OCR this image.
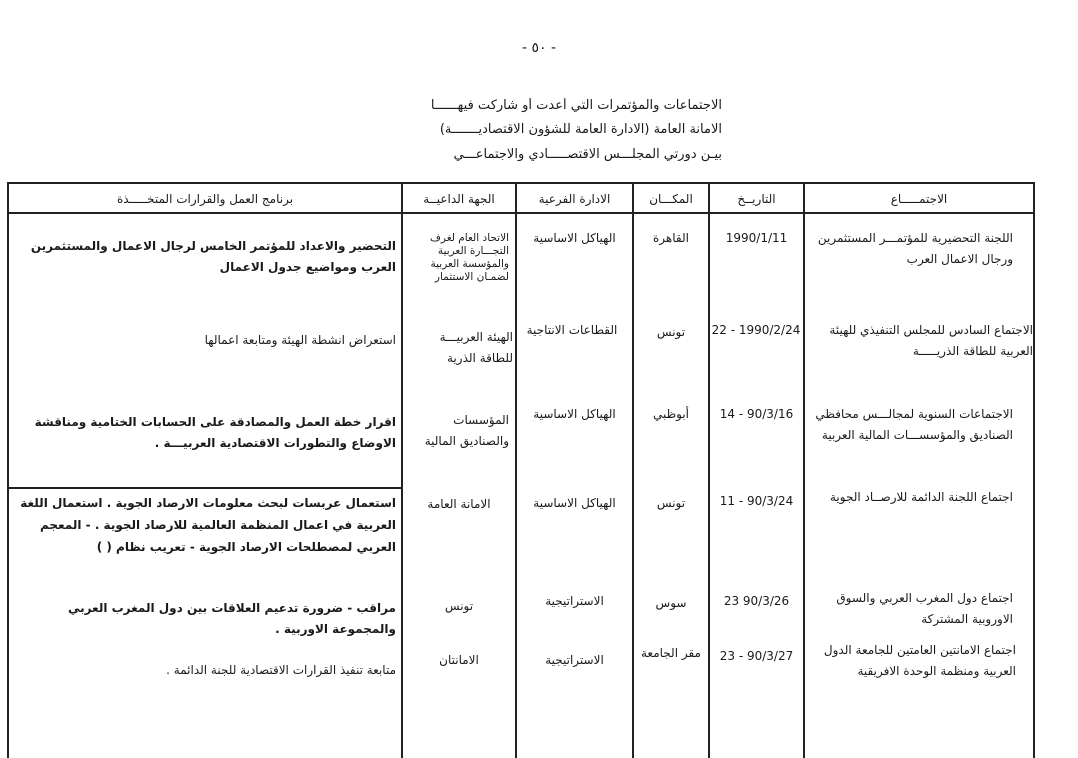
- ٥٠ -
الاجتماعات والمؤتمرات التي أعدت أو شاركت فيهــــــا
الامانة العامة (الادارة العامة للشؤون الاقتصاديـــــــة)
بيـن دورتي المجلـــس الاقتصـــــادي والاجتماعـــي
الاجتمـــــاع
التاريــخ
المكـــان
الادارة الفرعية
الجهة الداعيــة
برنامج العمل والقرارات المتخـــــذة
اللجنة التحضيرية للمؤتمـــر المستثمرين ورجال الاعمال العرب
1990/1/11
القاهرة
الهياكل الاساسية
الاتحاد العام لغرف التجـــارة العربية والمؤسسة العربية لضمـان الاستثمار
التحضير والاعداد للمؤتمر الخامس لرجال الاعمال والمستثمرين العرب ومواضيع جدول الاعمال
الاجتماع السادس للمجلس التنفيذي للهيئة العربية للطاقة الذريـــــة
22 - 1990/2/24
تونس
القطاعات الانتاجية
الهيئة العربيـــة للطاقة الذرية
استعراض انشطة الهيئة ومتابعة اعمالها
الاجتماعات السنوية لمجالـــس محافظي الصناديق والمؤسســـات المالية العربية
14 - 90/3/16
أبوظبي
الهياكل الاساسية
المؤسسات والصناديق المالية
اقرار خطة العمل والمصادقة على الحسابات الختامية ومناقشة الاوضاع والتطورات الاقتصادية العربيـــة .
اجتماع اللجنة الدائمة للارصــاد الجوية
11 - 90/3/24
تونس
الهياكل الاساسية
الامانة العامة
استعمال عربسات لبحث معلومات الارصاد الجوية . استعمال اللغة العربية في اعمال المنظمة العالمية للارصاد الجوية . - المعجم العربي لمصطلحات الارصاد الجوية - تعريب نظام ( )
اجتماع دول المغرب العربي والسوق الاوروبية المشتركة
23 90/3/26
سوس
الاستراتيجية
تونس
مراقب - ضرورة تدعيم العلاقات بين دول المغرب العربي والمجموعة الاوربية .
اجتماع الامانتين العامتين للجامعة الدول العربية ومنظمة الوحدة الافريقية
23 - 90/3/27
مقر الجامعة
الاستراتيجية
الامانتان
متابعة تنفيذ القرارات الاقتصادية للجنة الدائمة .
